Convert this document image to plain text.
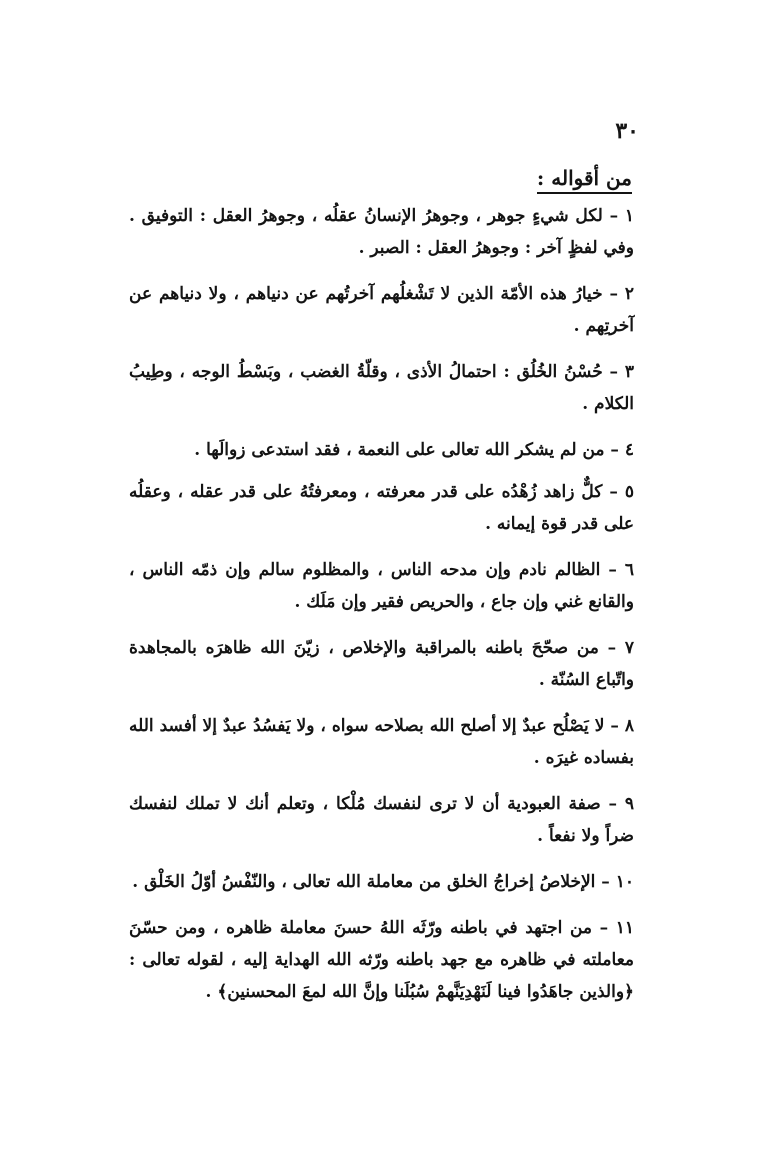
٣٠
من أقواله :

١ – لكل شيءٍ جوهر ، وجوهرُ الإنسانُ عقلُه ، وجوهرُ العقل : التوفيق . وفي لفظٍ آخر : وجوهرُ العقل : الصبر .

٢ – خيارُ هذه الأمّة الذين لا تَشْغلُهم آخرتُهم عن دنياهم ، ولا دنياهم عن آخرتِهم .

٣ – حُسْنُ الخُلُق : احتمالُ الأذى ، وقلّةُ الغضب ، وبَسْطُ الوجه ، وطِيبُ الكلام .

٤ – من لم يشكر الله تعالى على النعمة ، فقد استدعى زوالَها .

٥ – كلٌّ زاهد زُهْدُه على قدر معرفته ، ومعرفتُهُ على قدر عقله ، وعقلُه على قدر قوة إيمانه .

٦ – الظالم نادم وإن مدحه الناس ، والمظلوم سالم وإن ذمّه الناس ، والقانع غني وإن جاع ، والحريص فقير وإن مَلَك .

٧ – من صحّحَ باطنه بالمراقبة والإخلاص ، زيّنَ الله ظاهرَه بالمجاهدة واتّباع السُنّة .

٨ – لا يَصْلُح عبدٌ إلا أصلح الله بصلاحه سواه ، ولا يَفسُدُ عبدٌ إلا أفسد الله بفساده غيرَه .

٩ – صفة العبودية أن لا ترى لنفسك مُلْكا ، وتعلم أنك لا تملك لنفسك ضراً ولا نفعاً .

١٠ – الإخلاصُ إخراجُ الخلق من معاملة الله تعالى ، والنّفْسُ أوّلُ الخَلْق .

١١ – من اجتهد في باطنه ورّثَه اللهُ حسنَ معاملة ظاهره ، ومن حسّنَ معاملته في ظاهره مع جهد باطنه ورّثه الله الهداية إليه ، لقوله تعالى : ﴿والذين جاهَدُوا فينا لَنَهْدِيَنَّهمْ سُبُلَنا وإنَّ الله لمعَ المحسنين﴾ .
